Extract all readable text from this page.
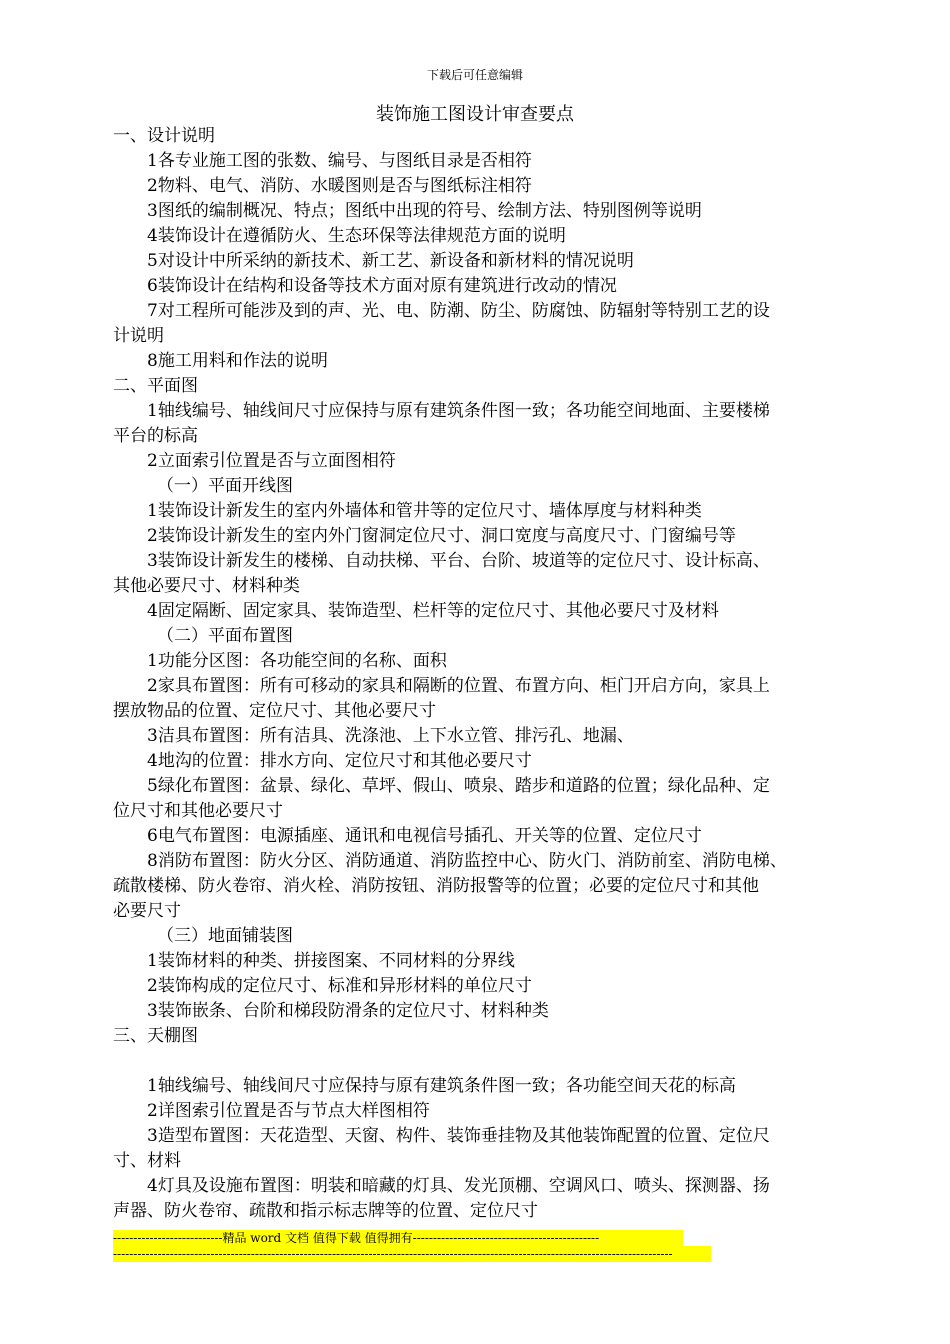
下载后可任意编辑
装饰施工图设计审查要点
一、设计说明
1各专业施工图的张数、编号、与图纸目录是否相符
2物料、电气、消防、水暖图则是否与图纸标注相符
3图纸的编制概况、特点；图纸中出现的符号、绘制方法、特别图例等说明
4装饰设计在遵循防火、生态环保等法律规范方面的说明
5对设计中所采纳的新技术、新工艺、新设备和新材料的情况说明
6装饰设计在结构和设备等技术方面对原有建筑进行改动的情况
7对工程所可能涉及到的声、光、电、防潮、防尘、防腐蚀、防辐射等特别工艺的设
计说明
8施工用料和作法的说明
二、平面图
1轴线编号、轴线间尺寸应保持与原有建筑条件图一致；各功能空间地面、主要楼梯
平台的标高
2立面索引位置是否与立面图相符
（一）平面开线图
1装饰设计新发生的室内外墙体和管井等的定位尺寸、墙体厚度与材料种类
2装饰设计新发生的室内外门窗洞定位尺寸、洞口宽度与高度尺寸、门窗编号等
3装饰设计新发生的楼梯、自动扶梯、平台、台阶、坡道等的定位尺寸、设计标高、
其他必要尺寸、材料种类
4固定隔断、固定家具、装饰造型、栏杆等的定位尺寸、其他必要尺寸及材料
（二）平面布置图
1功能分区图：各功能空间的名称、面积
2家具布置图：所有可移动的家具和隔断的位置、布置方向、柜门开启方向，家具上
摆放物品的位置、定位尺寸、其他必要尺寸
3洁具布置图：所有洁具、洗涤池、上下水立管、排污孔、地漏、
4地沟的位置：排水方向、定位尺寸和其他必要尺寸
5绿化布置图：盆景、绿化、草坪、假山、喷泉、踏步和道路的位置；绿化品种、定
位尺寸和其他必要尺寸
6电气布置图：电源插座、通讯和电视信号插孔、开关等的位置、定位尺寸
8消防布置图：防火分区、消防通道、消防监控中心、防火门、消防前室、消防电梯、
疏散楼梯、防火卷帘、消火栓、消防按钮、消防报警等的位置；必要的定位尺寸和其他
必要尺寸
（三）地面铺装图
1装饰材料的种类、拼接图案、不同材料的分界线
2装饰构成的定位尺寸、标准和异形材料的单位尺寸
3装饰嵌条、台阶和梯段防滑条的定位尺寸、材料种类
三、天棚图
1轴线编号、轴线间尺寸应保持与原有建筑条件图一致；各功能空间天花的标高
2详图索引位置是否与节点大样图相符
3造型布置图：天花造型、天窗、构件、装饰垂挂物及其他装饰配置的位置、定位尺
寸、材料
4灯具及设施布置图：明装和暗藏的灯具、发光顶棚、空调风口、喷头、探测器、扬
声器、防火卷帘、疏散和指示标志牌等的位置、定位尺寸
---------------------------精品 word 文档 值得下载 值得拥有----------------------------------------------
------------------------------------------------------------------------------------------------------------------------------------------
